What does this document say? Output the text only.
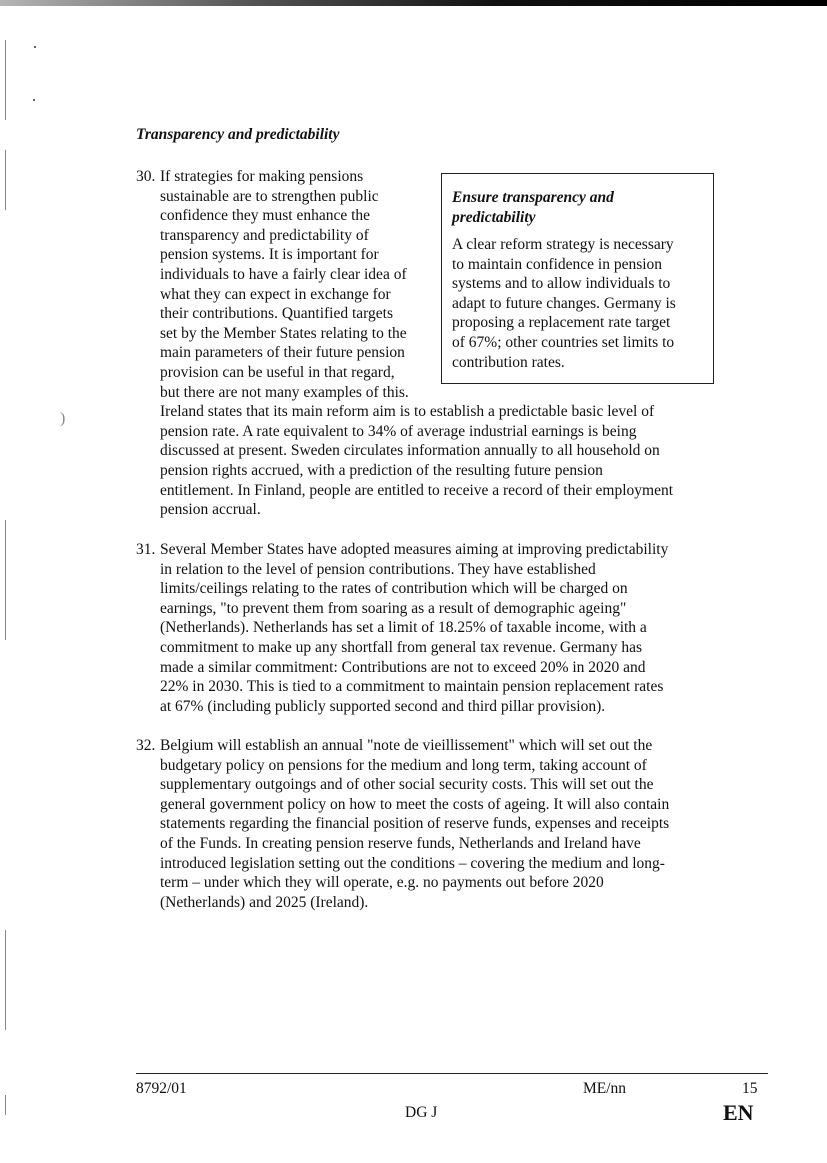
)
Transparency and predictability
30. If strategies for making pensions
sustainable are to strengthen public
confidence they must enhance the
transparency and predictability of
pension systems. It is important for
individuals to have a fairly clear idea of
what they can expect in exchange for
their contributions. Quantified targets
set by the Member States relating to the
main parameters of their future pension
provision can be useful in that regard,
but there are not many examples of this.
Ireland states that its main reform aim is to establish a predictable basic level of
pension rate. A rate equivalent to 34% of average industrial earnings is being
discussed at present. Sweden circulates information annually to all household on
pension rights accrued, with a prediction of the resulting future pension
entitlement. In Finland, people are entitled to receive a record of their employment
pension accrual.
Ensure transparency and
predictability
A clear reform strategy is necessary
to maintain confidence in pension
systems and to allow individuals to
adapt to future changes. Germany is
proposing a replacement rate target
of 67%; other countries set limits to
contribution rates.
31. Several Member States have adopted measures aiming at improving predictability
in relation to the level of pension contributions. They have established
limits/ceilings relating to the rates of contribution which will be charged on
earnings, "to prevent them from soaring as a result of demographic ageing"
(Netherlands). Netherlands has set a limit of 18.25% of taxable income, with a
commitment to make up any shortfall from general tax revenue. Germany has
made a similar commitment: Contributions are not to exceed 20% in 2020 and
22% in 2030. This is tied to a commitment to maintain pension replacement rates
at 67% (including publicly supported second and third pillar provision).
32. Belgium will establish an annual "note de vieillissement" which will set out the
budgetary policy on pensions for the medium and long term, taking account of
supplementary outgoings and of other social security costs. This will set out the
general government policy on how to meet the costs of ageing. It will also contain
statements regarding the financial position of reserve funds, expenses and receipts
of the Funds. In creating pension reserve funds, Netherlands and Ireland have
introduced legislation setting out the conditions – covering the medium and long-
term – under which they will operate, e.g. no payments out before 2020
(Netherlands) and 2025 (Ireland).
8792/01	ME/nn	15
DG J	EN
